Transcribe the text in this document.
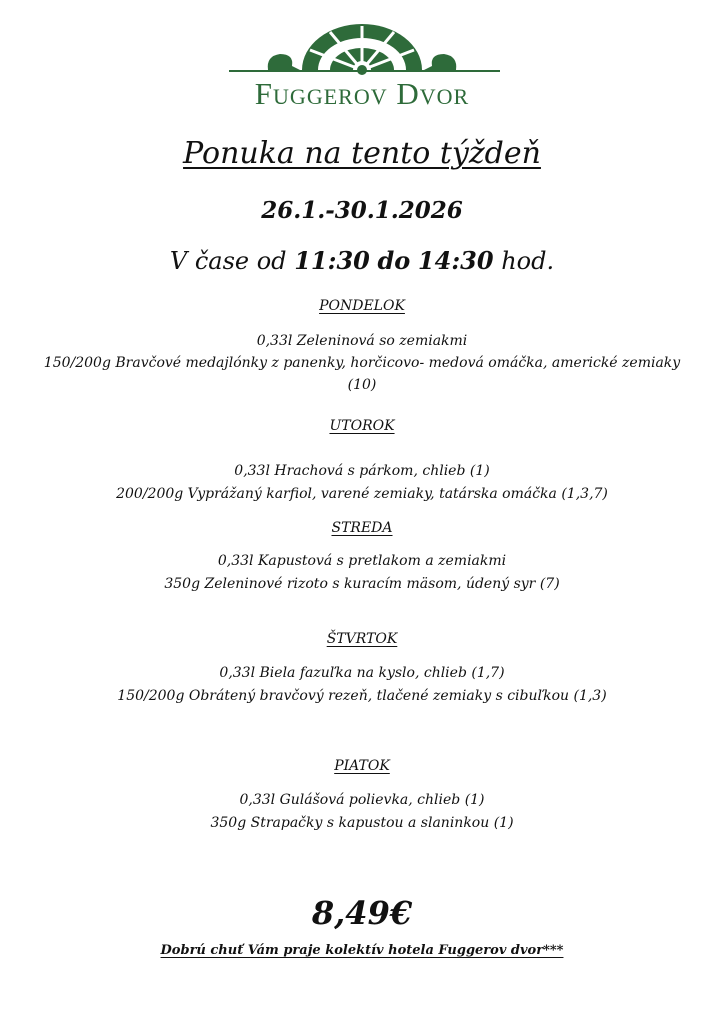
Fuggerov Dvor
Ponuka na tento týždeň
26.1.-30.1.2026
V čase od 11:30 do 14:30 hod.
PONDELOK
0,33l Zeleninová so zemiakmi
150/200g Bravčové medajlónky z panenky, horčicovo- medová omáčka, americké zemiaky
(10)
UTOROK
0,33l Hrachová s párkom, chlieb (1)
200/200g Vyprážaný karfiol, varené zemiaky, tatárska omáčka (1,3,7)
STREDA
0,33l Kapustová s pretlakom a zemiakmi
350g Zeleninové rizoto s kuracím mäsom, údený syr (7)
ŠTVRTOK
0,33l Biela fazuľka na kyslo, chlieb (1,7)
150/200g Obrátený bravčový rezeň, tlačené zemiaky s cibuľkou (1,3)
PIATOK
0,33l Gulášová polievka, chlieb (1)
350g Strapačky s kapustou a slaninkou (1)
8,49€
Dobrú chuť Vám praje kolektív hotela Fuggerov dvor***
